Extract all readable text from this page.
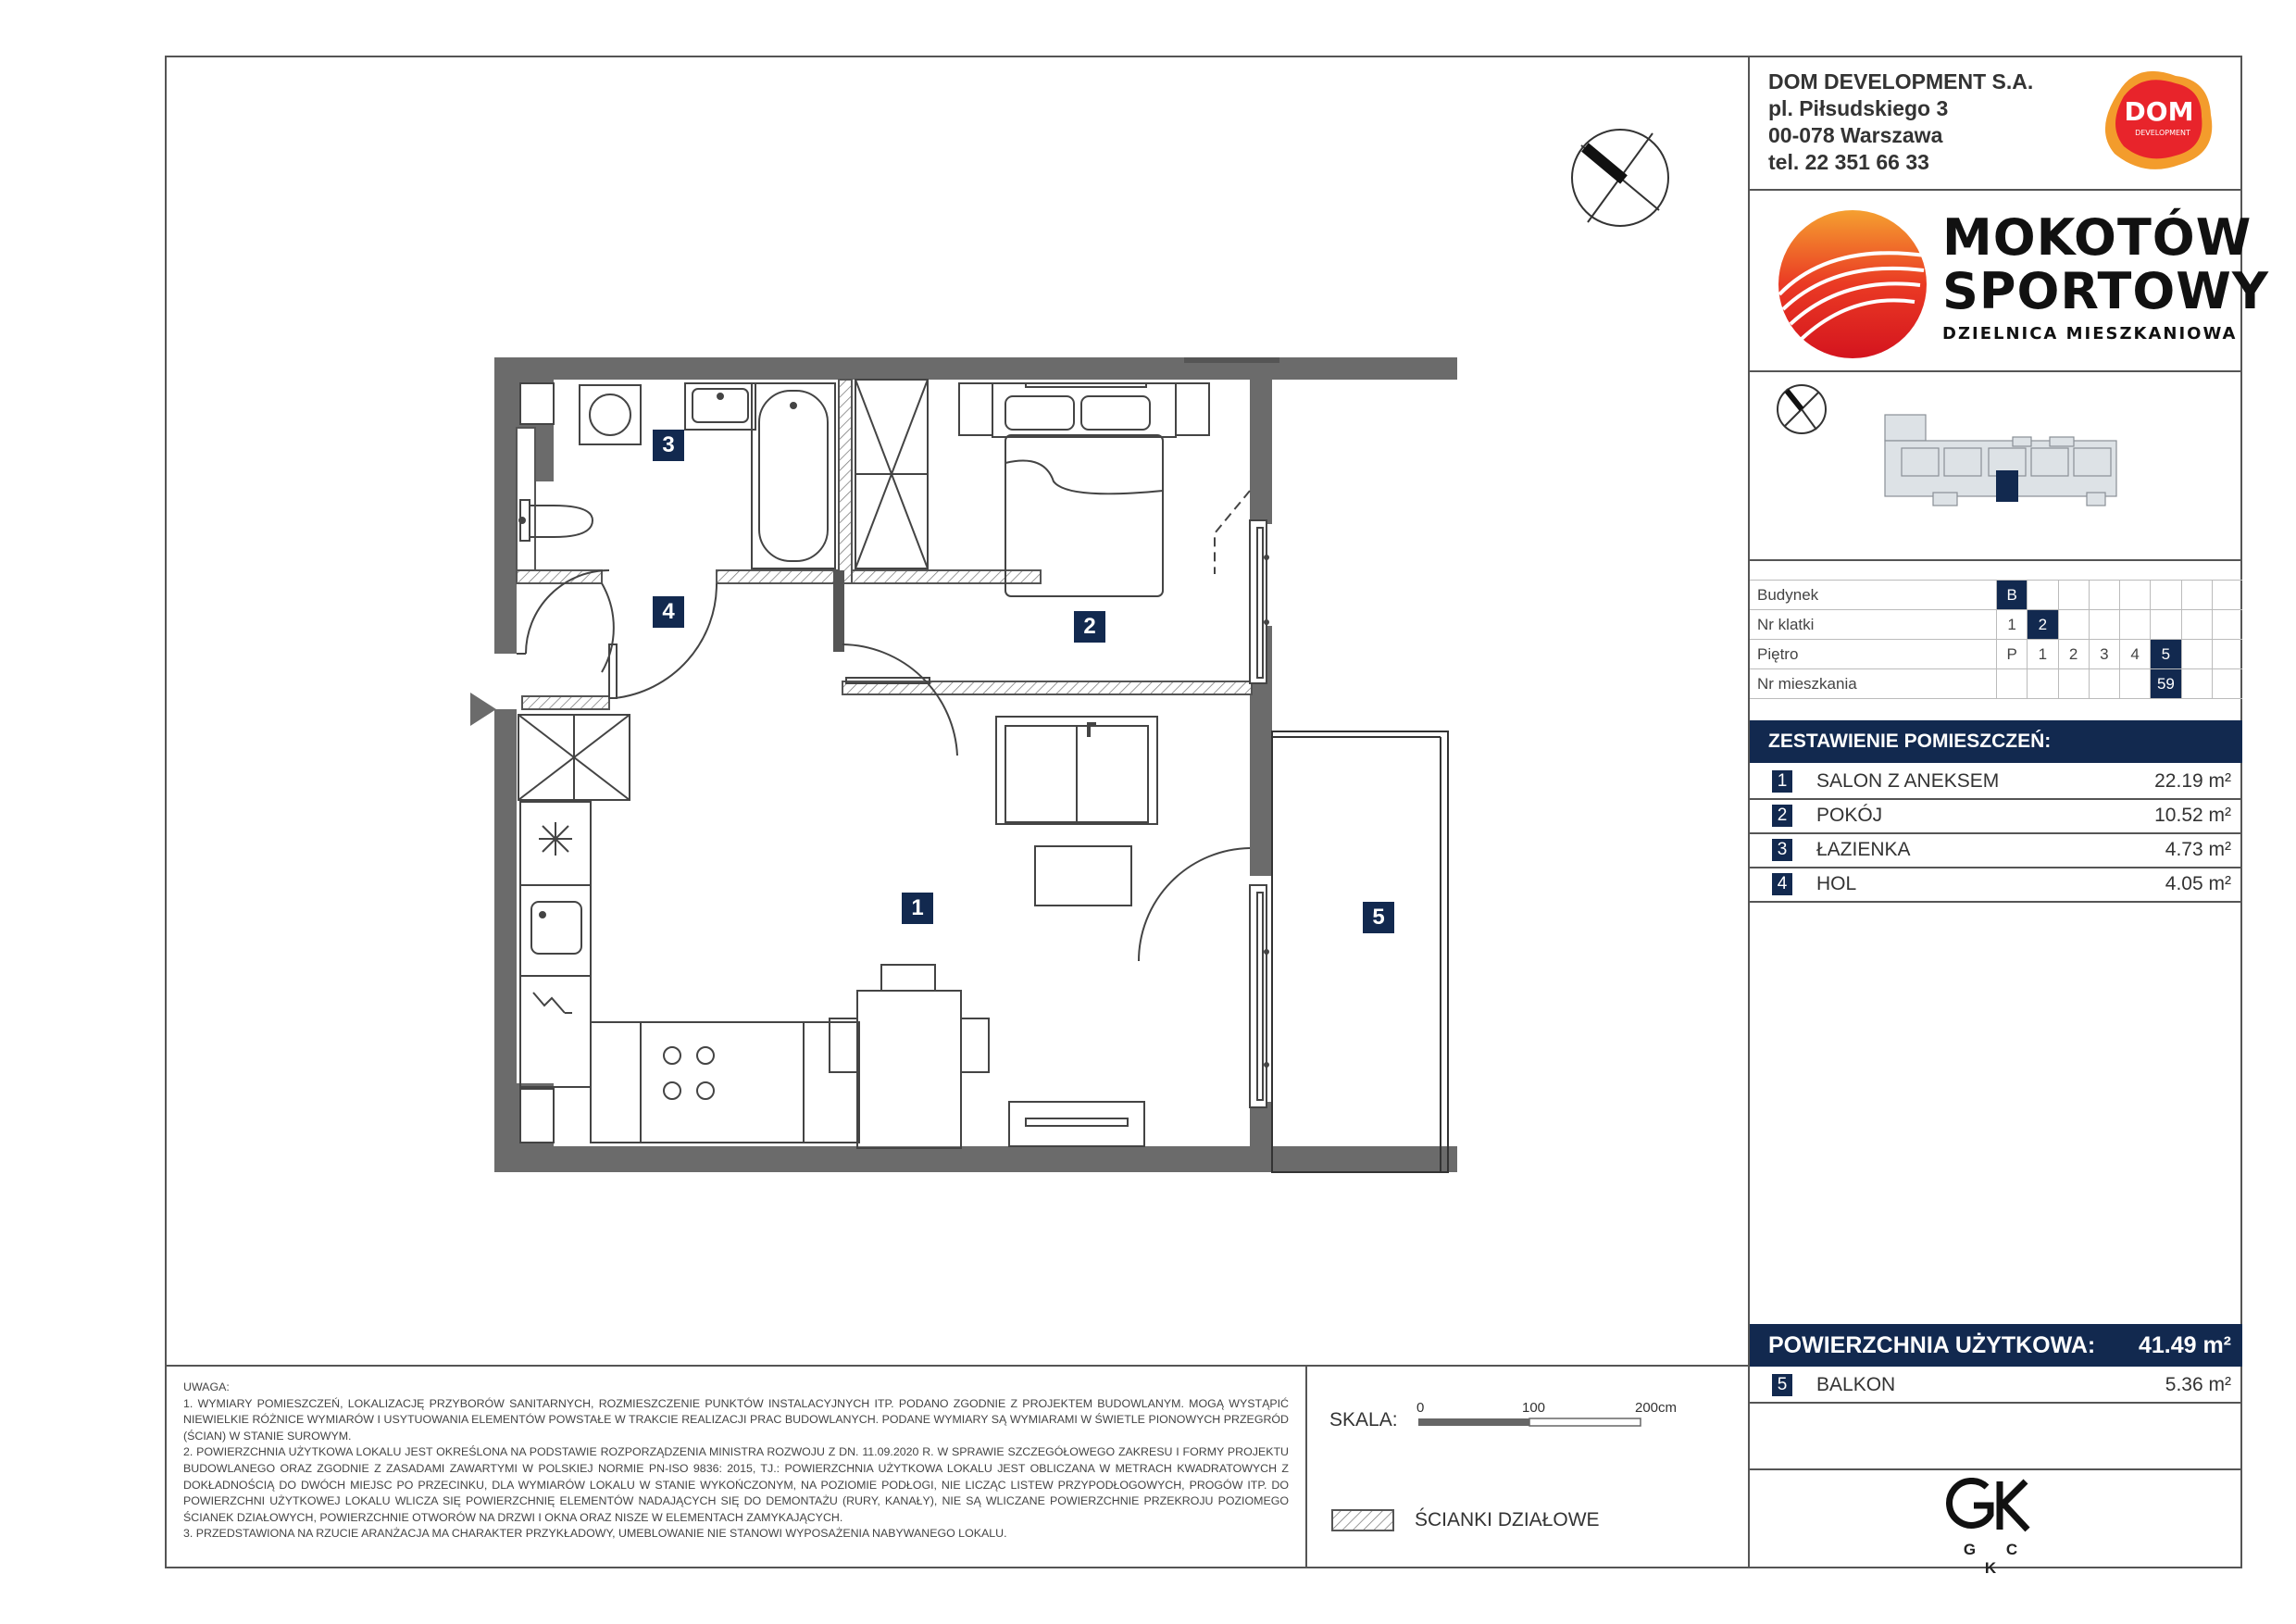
1
2
3
4
5
DOM DEVELOPMENT S.A.
pl. Piłsudskiego 3
00-078 Warszawa
tel. 22 351 66 33
DOM
DEVELOPMENT
MOKOTÓW
SPORTOWY
DZIELNICA MIESZKANIOWA
Budynek	B							
Nr klatki	1	2						
Piętro	P	1	2	3	4	5		
Nr mieszkania						59		
ZESTAWIENIE POMIESZCZEŃ:
1 SALON Z ANEKSEM	22.19 m²
2 POKÓJ	10.52 m²
3 ŁAZIENKA	4.73 m²
4 HOL	4.05 m²
POWIERZCHNIA UŻYTKOWA: 41.49 m²
5 BALKON	5.36 m²
G C K

UWAGA:

1. WYMIARY POMIESZCZEŃ, LOKALIZACJĘ PRZYBORÓW SANITARNYCH, ROZMIESZCZENIE PUNKTÓW INSTALACYJNYCH ITP. PODANO ZGODNIE Z PROJEKTEM BUDOWLANYM. MOGĄ WYSTĄPIĆ NIEWIELKIE RÓŻNICE WYMIARÓW I USYTUOWANIA ELEMENTÓW POWSTAŁE W TRAKCIE REALIZACJI PRAC BUDOWLANYCH. PODANE WYMIARY SĄ WYMIARAMI W ŚWIETLE PIONOWYCH PRZEGRÓD (ŚCIAN) W STANIE SUROWYM.

2. POWIERZCHNIA UŻYTKOWA LOKALU JEST OKREŚLONA NA PODSTAWIE ROZPORZĄDZENIA MINISTRA ROZWOJU Z DN. 11.09.2020 R. W SPRAWIE SZCZEGÓŁOWEGO ZAKRESU I FORMY PROJEKTU BUDOWLANEGO ORAZ ZGODNIE Z ZASADAMI ZAWARTYMI W POLSKIEJ NORMIE PN-ISO 9836: 2015, TJ.: POWIERZCHNIA UŻYTKOWA LOKALU JEST OBLICZANA W METRACH KWADRATOWYCH Z DOKŁADNOŚCIĄ DO DWÓCH MIEJSC PO PRZECINKU, DLA WYMIARÓW LOKALU W STANIE WYKOŃCZONYM, NA POZIOMIE PODŁOGI, NIE LICZĄC LISTEW PRZYPODŁOGOWYCH, PROGÓW ITP. DO POWIERZCHNI UŻYTKOWEJ LOKALU WLICZA SIĘ POWIERZCHNIĘ ELEMENTÓW NADAJĄCYCH SIĘ DO DEMONTAŻU (RURY, KANAŁY), NIE SĄ WLICZANE POWIERZCHNIE PRZEKROJU POZIOMEGO ŚCIANEK DZIAŁOWYCH, POWIERZCHNIE OTWORÓW NA DRZWI I OKNA ORAZ NISZE W ELEMENTACH ZAMYKAJĄCYCH.

3. PRZEDSTAWIONA NA RZUCIE ARANŻACJA MA CHARAKTER PRZYKŁADOWY, UMEBLOWANIE NIE STANOWI WYPOSAŻENIA NABYWANEGO LOKALU.

SKALA:
0	100	200cm
ŚCIANKI DZIAŁOWE
